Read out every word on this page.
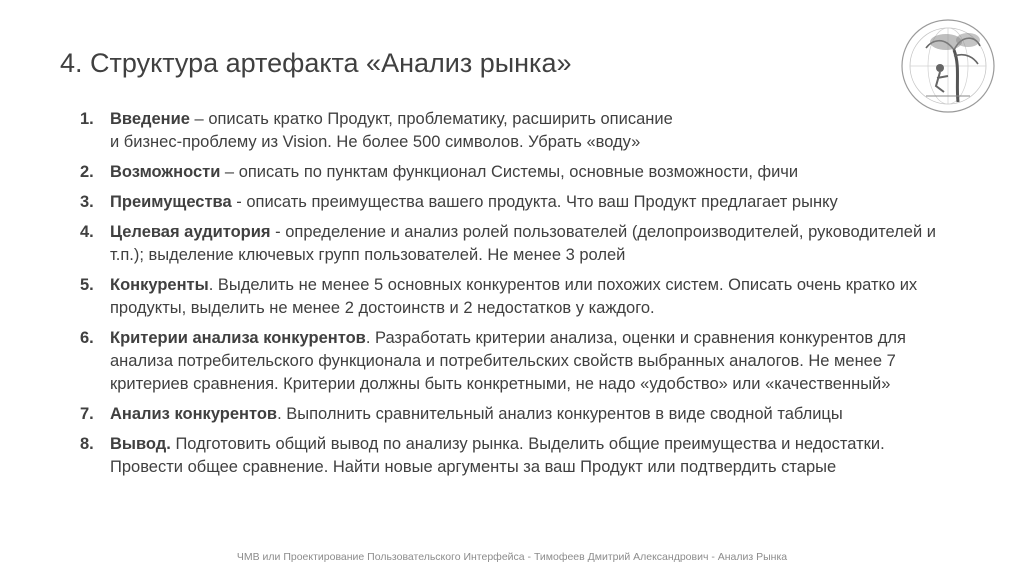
4. Структура артефакта «Анализ рынка»
1. Введение – описать кратко Продукт, проблематику, расширить описание
и бизнес-проблему из Vision. Не более 500 символов. Убрать «воду»
2. Возможности – описать по пунктам функционал Системы, основные возможности, фичи
3. Преимущества - описать преимущества вашего продукта. Что ваш Продукт предлагает рынку
4. Целевая аудитория - определение и анализ ролей пользователей (делопроизводителей, руководителей и
т.п.); выделение ключевых групп пользователей. Не менее 3 ролей
5. Конкуренты. Выделить не менее 5 основных конкурентов или похожих систем. Описать очень кратко их
продукты, выделить не менее 2 достоинств и 2 недостатков у каждого.
6. Критерии анализа конкурентов. Разработать критерии анализа, оценки и сравнения конкурентов для
анализа потребительского функционала и потребительских свойств выбранных аналогов. Не менее 7
критериев сравнения. Критерии должны быть конкретными, не надо «удобство» или «качественный»
7. Анализ конкурентов. Выполнить сравнительный анализ конкурентов в виде сводной таблицы
8. Вывод. Подготовить общий вывод по анализу рынка. Выделить общие преимущества и недостатки.
Провести общее сравнение. Найти новые аргументы за ваш Продукт или подтвердить старые
ЧМВ или Проектирование Пользовательского Интерфейса - Тимофеев Дмитрий Александрович - Анализ Рынка
